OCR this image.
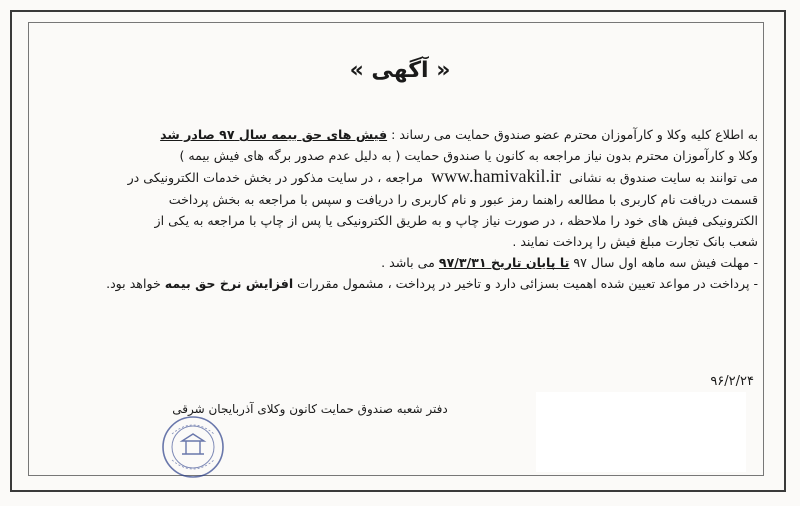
« آگهی »
به اطلاع کلیه وکلا و کارآموزان محترم عضو صندوق حمایت می رساند : فیش های حق بیمه سال ۹۷ صادر شد
وکلا و کارآموزان محترم بدون نیاز مراجعه به کانون یا صندوق حمایت ( به دلیل عدم صدور برگه های فیش بیمه )
می توانند به سایت صندوق به نشانی www.hamivakil.ir مراجعه ، در سایت مذکور در بخش خدمات الکترونیکی در
قسمت دریافت نام کاربری با مطالعه راهنما رمز عبور و نام کاربری را دریافت و سپس با مراجعه به بخش پرداخت
الکترونیکی فیش های خود را ملاحظه ، در صورت نیاز چاپ و به طریق الکترونیکی یا پس از چاپ با مراجعه به یکی از
شعب بانک تجارت مبلغ فیش را پرداخت نمایند .
- مهلت فیش سه ماهه اول سال ۹۷ تا پایان تاریخ ۹۷/۳/۳۱ می باشد .
- پرداخت در مواعد تعیین شده اهمیت بسزائی دارد و تاخیر در پرداخت ، مشمول مقررات افزایش نرخ حق بیمه خواهد بود.
۹۶/۲/۲۴
دفتر شعبه صندوق حمایت کانون وکلای آذربایجان شرقی
